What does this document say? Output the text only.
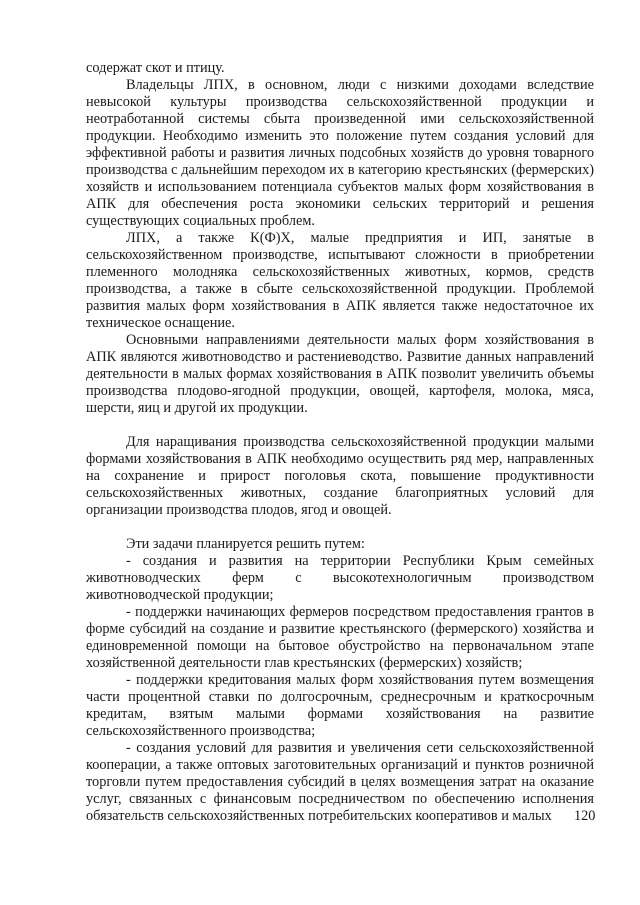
содержат скот и птицу.

Владельцы ЛПХ, в основном, люди с низкими доходами вследствие невысокой культуры производства сельскохозяйственной продукции и неотработанной системы сбыта произведенной ими сельскохозяйственной продукции. Необходимо изменить это положение путем создания условий для эффективной работы и развития личных подсобных хозяйств до уровня товарного производства с дальнейшим переходом их в категорию крестьянских (фермерских) хозяйств и использованием потенциала субъектов малых форм хозяйствования в АПК для обеспечения роста экономики сельских территорий и решения существующих социальных проблем.

ЛПХ, а также К(Ф)Х, малые предприятия и ИП, занятые в сельскохозяйственном производстве, испытывают сложности в приобретении племенного молодняка сельскохозяйственных животных, кормов, средств производства, а также в сбыте сельскохозяйственной продукции. Проблемой развития малых форм хозяйствования в АПК является также недостаточное их техническое оснащение.

Основными направлениями деятельности малых форм хозяйствования в АПК являются животноводство и растениеводство. Развитие данных направлений деятельности в малых формах хозяйствования в АПК позволит увеличить объемы производства плодово-ягодной продукции, овощей, картофеля, молока, мяса, шерсти, яиц и другой их продукции.

Для наращивания производства сельскохозяйственной продукции малыми формами хозяйствования в АПК необходимо осуществить ряд мер, направленных на сохранение и прирост поголовья скота, повышение продуктивности сельскохозяйственных животных, создание благоприятных условий для организации производства плодов, ягод и овощей.

Эти задачи планируется решить путем:

- создания и развития на территории Республики Крым семейных животноводческих ферм с высокотехнологичным производством животноводческой продукции;

- поддержки начинающих фермеров посредством предоставления грантов в форме субсидий на создание и развитие крестьянского (фермерского) хозяйства и единовременной помощи на бытовое обустройство на первоначальном этапе хозяйственной деятельности глав крестьянских (фермерских) хозяйств;

- поддержки кредитования малых форм хозяйствования путем возмещения части процентной ставки по долгосрочным, среднесрочным и краткосрочным кредитам, взятым малыми формами хозяйствования на развитие сельскохозяйственного производства;

- создания условий для развития и увеличения сети сельскохозяйственной кооперации, а также оптовых заготовительных организаций и пунктов розничной торговли путем предоставления субсидий в целях возмещения затрат на оказание услуг, связанных с финансовым посредничеством по обеспечению исполнения обязательств сельскохозяйственных потребительских кооперативов и малых	120
